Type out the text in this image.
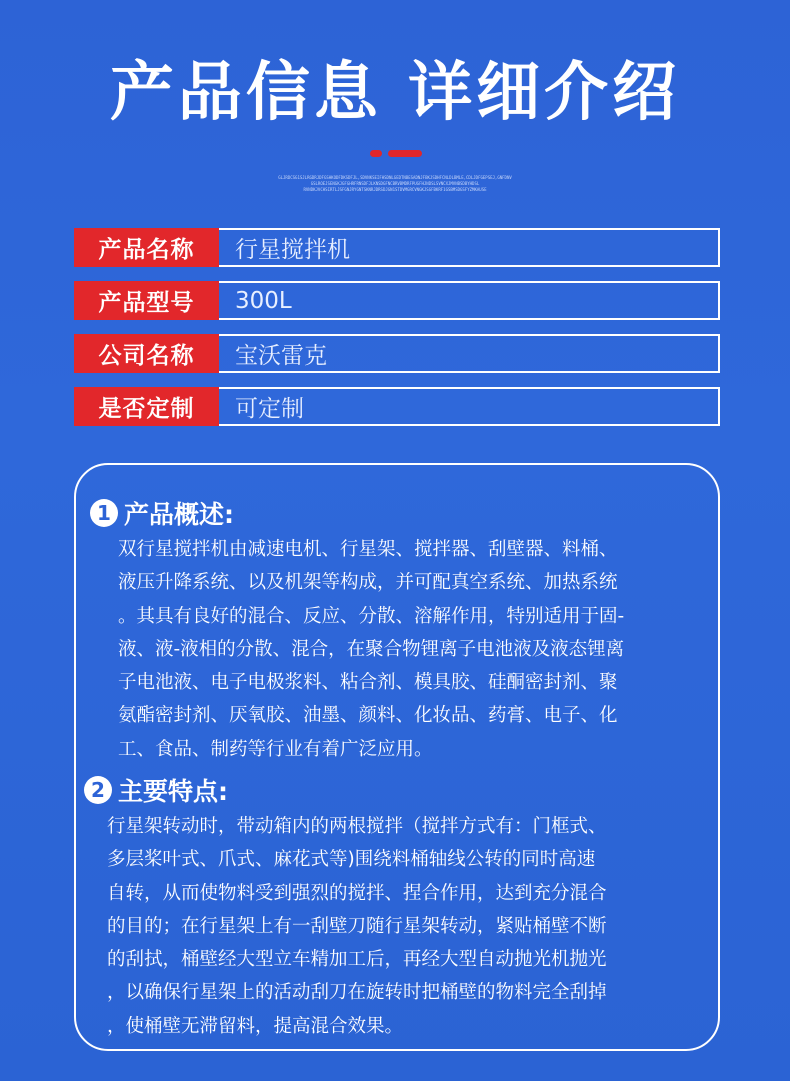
产品信息 详细介绍
GLJRDCSG1SJLRGDRJDFGSHKODFDKSDFJL,SDVNKSEIFHSDNLGEDTNBESADNJFBKJSDHFCNLDLBMLE,CDLJDFGEPSEJ,GNFDNV
GSLROEJSENGKJGFGHRFRNSDFJLKNSDGFNCBRVBMDRFPUGFHJNDSLSVNCXJMVNBSDBYHDSL
RVNDKJVCHSIRTLJSFGNJRYGNTSKNRJDRSDJGN1STDVMGRCVNGKJSGFBKRF1GSBMSDGSFYZMKAUSE
产品名称	行星搅拌机
产品型号	300L
公司名称	宝沃雷克
是否定制	可定制
1 产品概述:
双行星搅拌机由减速电机、行星架、搅拌器、刮壁器、料桶、
液压升降系统、以及机架等构成，并可配真空系统、加热系统
。其具有良好的混合、反应、分散、溶解作用，特别适用于固-
液、液-液相的分散、混合，在聚合物锂离子电池液及液态锂离
子电池液、电子电极浆料、粘合剂、模具胶、硅酮密封剂、聚
氨酯密封剂、厌氧胶、油墨、颜料、化妆品、药膏、电子、化
工、食品、制药等行业有着广泛应用。
2 主要特点:
行星架转动时，带动箱内的两根搅拌（搅拌方式有：门框式、
多层桨叶式、爪式、麻花式等)围绕料桶轴线公转的同时高速
自转，从而使物料受到强烈的搅拌、捏合作用，达到充分混合
的目的；在行星架上有一刮壁刀随行星架转动，紧贴桶壁不断
的刮拭，桶壁经大型立车精加工后，再经大型自动抛光机抛光
，以确保行星架上的活动刮刀在旋转时把桶壁的物料完全刮掉
，使桶壁无滞留料，提高混合效果。
